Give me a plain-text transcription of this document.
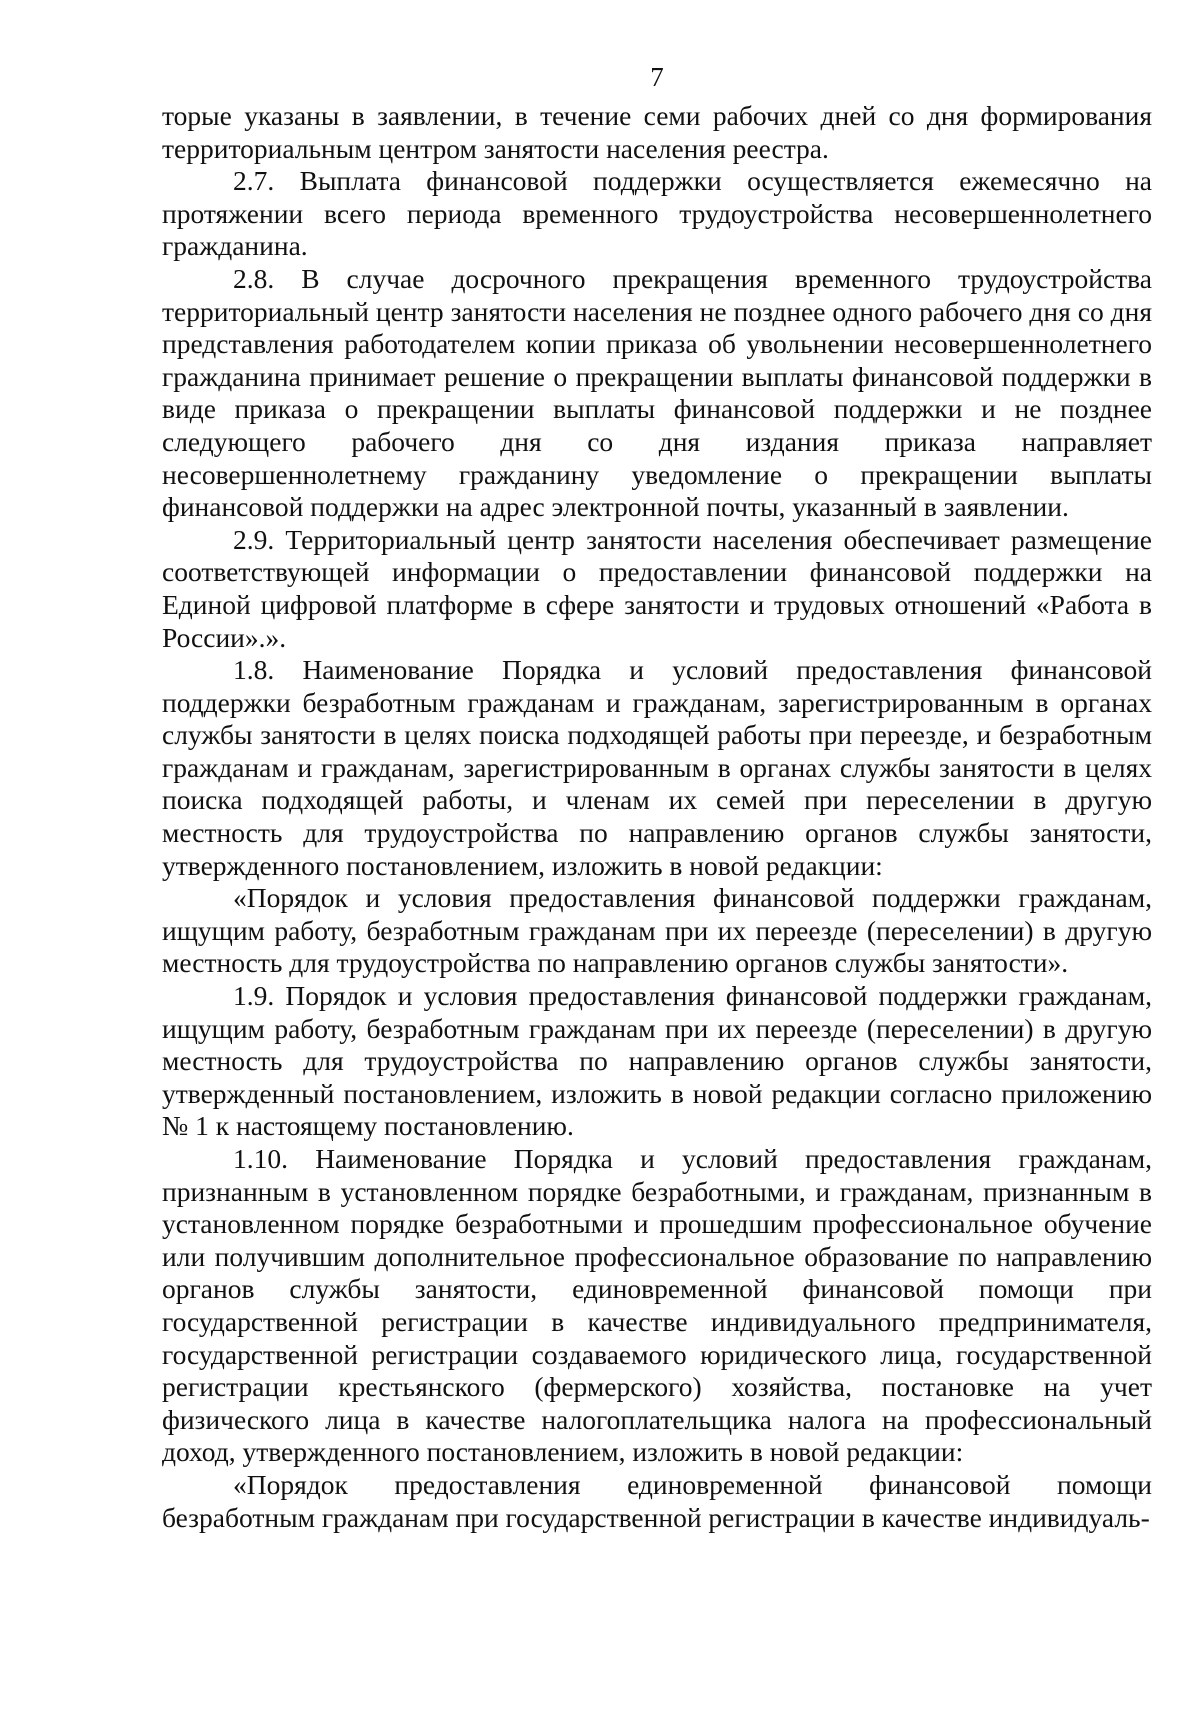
7

торые указаны в заявлении, в течение семи рабочих дней со дня формирования территориальным центром занятости населения реестра.

2.7. Выплата финансовой поддержки осуществляется ежемесячно на протяжении всего периода временного трудоустройства несовершеннолетнего гражданина.

2.8. В случае досрочного прекращения временного трудоустройства территориальный центр занятости населения не позднее одного рабочего дня со дня представления работодателем копии приказа об увольнении несовершеннолетнего гражданина принимает решение о прекращении выплаты финансовой поддержки в виде приказа о прекращении выплаты финансовой поддержки и не позднее следующего рабочего дня со дня издания приказа направляет несовершеннолетнему гражданину уведомление о прекращении выплаты финансовой поддержки на адрес электронной почты, указанный в заявлении.

2.9. Территориальный центр занятости населения обеспечивает размещение соответствующей информации о предоставлении финансовой поддержки на Единой цифровой платформе в сфере занятости и трудовых отношений «Работа в России».».

1.8. Наименование Порядка и условий предоставления финансовой поддержки безработным гражданам и гражданам, зарегистрированным в органах службы занятости в целях поиска подходящей работы при переезде, и безработным гражданам и гражданам, зарегистрированным в органах службы занятости в целях поиска подходящей работы, и членам их семей при переселении в другую местность для трудоустройства по направлению органов службы занятости, утвержденного постановлением, изложить в новой редакции:

«Порядок и условия предоставления финансовой поддержки гражданам, ищущим работу, безработным гражданам при их переезде (переселении) в другую местность для трудоустройства по направлению органов службы занятости».

1.9. Порядок и условия предоставления финансовой поддержки гражданам, ищущим работу, безработным гражданам при их переезде (переселении) в другую местность для трудоустройства по направлению органов службы занятости, утвержденный постановлением, изложить в новой редакции согласно приложению № 1 к настоящему постановлению.

1.10. Наименование Порядка и условий предоставления гражданам, признанным в установленном порядке безработными, и гражданам, признанным в установленном порядке безработными и прошедшим профессиональное обучение или получившим дополнительное профессиональное образование по направлению органов службы занятости, единовременной финансовой помощи при государственной регистрации в качестве индивидуального предпринимателя, государственной регистрации создаваемого юридического лица, государственной регистрации крестьянского (фермерского) хозяйства, постановке на учет физического лица в качестве налогоплательщика налога на профессиональный доход, утвержденного постановлением, изложить в новой редакции:

«Порядок предоставления единовременной финансовой помощи безработным гражданам при государственной регистрации в качестве индивидуаль-
